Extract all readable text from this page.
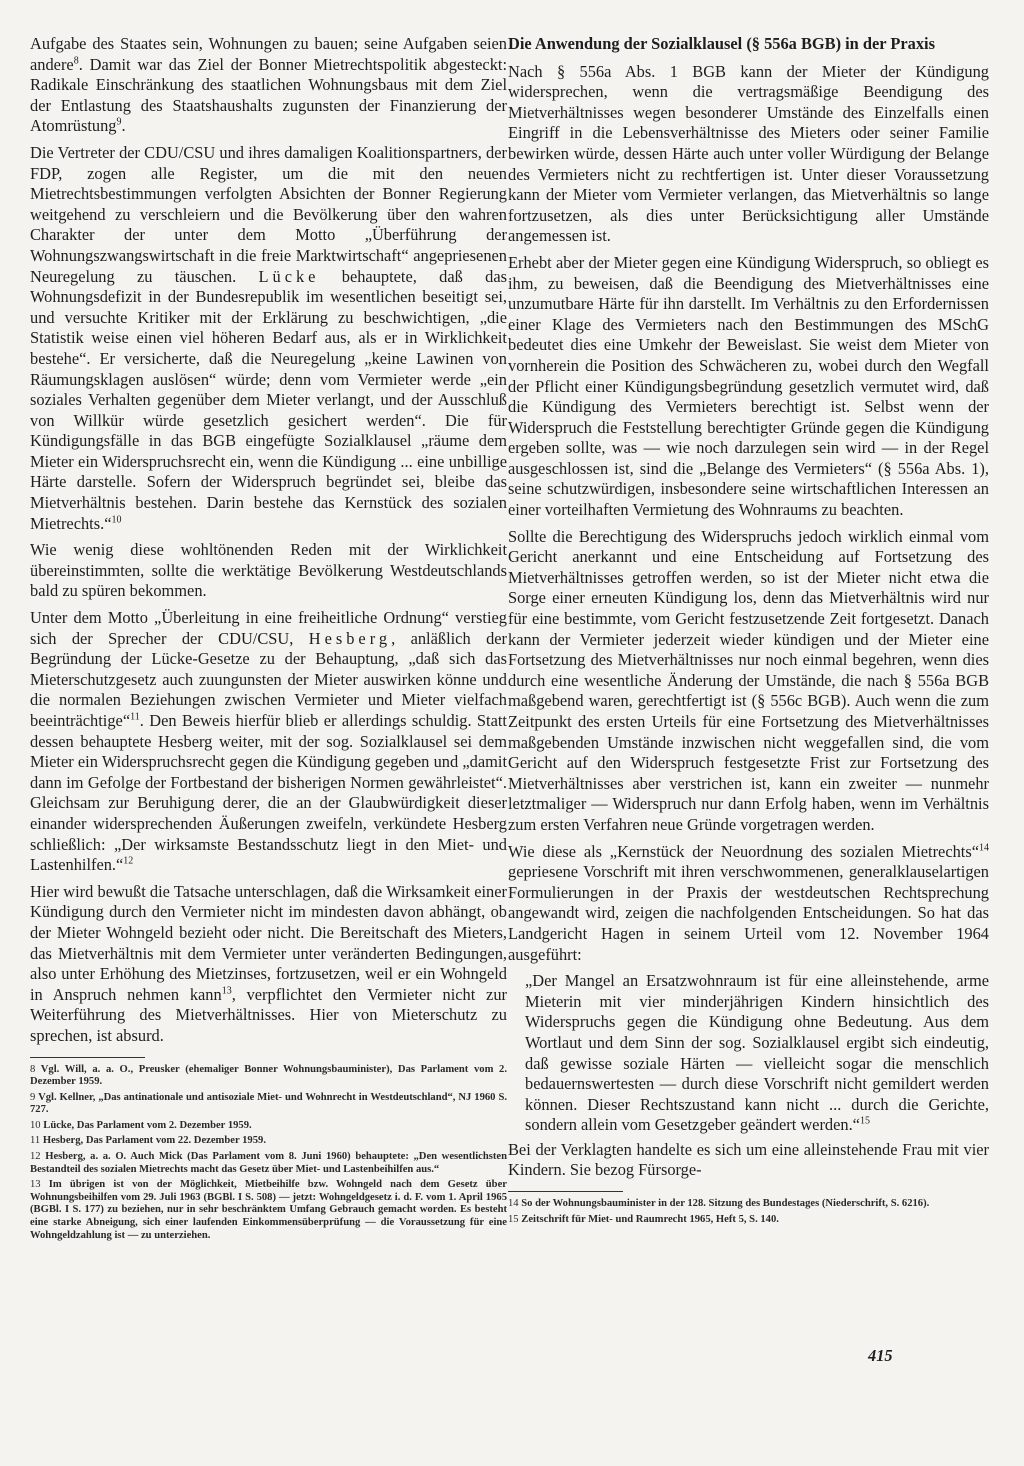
Aufgabe des Staates sein, Wohnungen zu bauen; seine Aufgaben seien andere$^8$. Damit war das Ziel der Bonner Mietrechtspolitik abgesteckt: Radikale Einschränkung des staatlichen Wohnungsbaus mit dem Ziel der Entlastung des Staatshaushalts zugunsten der Finanzierung der Atomrüstung$^9$.

Die Vertreter der CDU/CSU und ihres damaligen Koalitionspartners, der FDP, zogen alle Register, um die mit den neuen Mietrechtsbestimmungen verfolgten Absichten der Bonner Regierung weitgehend zu verschleiern und die Bevölkerung über den wahren Charakter der unter dem Motto „Überführung der Wohnungszwangswirtschaft in die freie Marktwirtschaft“ angepriesenen Neuregelung zu täuschen. Lücke behauptete, daß das Wohnungsdefizit in der Bundesrepublik im wesentlichen beseitigt sei, und versuchte Kritiker mit der Erklärung zu beschwichtigen, „die Statistik weise einen viel höheren Bedarf aus, als er in Wirklichkeit bestehe“. Er versicherte, daß die Neuregelung „keine Lawinen von Räumungsklagen auslösen“ würde; denn vom Vermieter werde „ein soziales Verhalten gegenüber dem Mieter verlangt, und der Ausschluß von Willkür würde gesetzlich gesichert werden“. Die für Kündigungsfälle in das BGB eingefügte Sozialklausel „räume dem Mieter ein Widerspruchsrecht ein, wenn die Kündigung ... eine unbillige Härte darstelle. Sofern der Widerspruch begründet sei, bleibe das Mietverhältnis bestehen. Darin bestehe das Kernstück des sozialen Mietrechts.“$^{10}$

Wie wenig diese wohltönenden Reden mit der Wirklichkeit übereinstimmten, sollte die werktätige Bevölkerung Westdeutschlands bald zu spüren bekommen.

Unter dem Motto „Überleitung in eine freiheitliche Ordnung“ verstieg sich der Sprecher der CDU/CSU, Hesberg, anläßlich der Begründung der Lücke-Gesetze zu der Behauptung, „daß sich das Mieterschutzgesetz auch zuungunsten der Mieter auswirken könne und die normalen Beziehungen zwischen Vermieter und Mieter vielfach beeinträchtige“$^{11}$. Den Beweis hierfür blieb er allerdings schuldig. Statt dessen behauptete Hesberg weiter, mit der sog. Sozialklausel sei dem Mieter ein Widerspruchsrecht gegen die Kündigung gegeben und „damit dann im Gefolge der Fortbestand der bisherigen Normen gewährleistet“. Gleichsam zur Beruhigung derer, die an der Glaubwürdigkeit dieser einander widersprechenden Äußerungen zweifeln, verkündete Hesberg schließlich: „Der wirksamste Bestandsschutz liegt in den Miet- und Lastenhilfen.“$^{12}$

Hier wird bewußt die Tatsache unterschlagen, daß die Wirksamkeit einer Kündigung durch den Vermieter nicht im mindesten davon abhängt, ob der Mieter Wohngeld bezieht oder nicht. Die Bereitschaft des Mieters, das Mietverhältnis mit dem Vermieter unter veränderten Bedingungen, also unter Erhöhung des Mietzinses, fortzusetzen, weil er ein Wohngeld in Anspruch nehmen kann$^{13}$, verpflichtet den Vermieter nicht zur Weiterführung des Mietverhältnisses. Hier von Mieterschutz zu sprechen, ist absurd.

8 Vgl. Will, a. a. O., Preusker (ehemaliger Bonner Wohnungsbauminister), Das Parlament vom 2. Dezember 1959.

9 Vgl. Kellner, „Das antinationale und antisoziale Miet- und Wohnrecht in Westdeutschland“, NJ 1960 S. 727.

10 Lücke, Das Parlament vom 2. Dezember 1959.

11 Hesberg, Das Parlament vom 22. Dezember 1959.

12 Hesberg, a. a. O. Auch Mick (Das Parlament vom 8. Juni 1960) behauptete: „Den wesentlichsten Bestandteil des sozialen Mietrechts macht das Gesetz über Miet- und Lastenbeihilfen aus.“

13 Im übrigen ist von der Möglichkeit, Mietbeihilfe bzw. Wohngeld nach dem Gesetz über Wohnungsbeihilfen vom 29. Juli 1963 (BGBl. I S. 508) — jetzt: Wohngeldgesetz i. d. F. vom 1. April 1965 (BGBl. I S. 177) zu beziehen, nur in sehr beschränktem Umfang Gebrauch gemacht worden. Es besteht eine starke Abneigung, sich einer laufenden Einkommensüberprüfung — die Voraussetzung für eine Wohngeldzahlung ist — zu unterziehen.

Die Anwendung der Sozialklausel (§ 556a BGB) in der Praxis

Nach § 556a Abs. 1 BGB kann der Mieter der Kündigung widersprechen, wenn die vertragsmäßige Beendigung des Mietverhältnisses wegen besonderer Umstände des Einzelfalls einen Eingriff in die Lebensverhältnisse des Mieters oder seiner Familie bewirken würde, dessen Härte auch unter voller Würdigung der Belange des Vermieters nicht zu rechtfertigen ist. Unter dieser Voraussetzung kann der Mieter vom Vermieter verlangen, das Mietverhältnis so lange fortzusetzen, als dies unter Berücksichtigung aller Umstände angemessen ist.

Erhebt aber der Mieter gegen eine Kündigung Widerspruch, so obliegt es ihm, zu beweisen, daß die Beendigung des Mietverhältnisses eine unzumutbare Härte für ihn darstellt. Im Verhältnis zu den Erfordernissen einer Klage des Vermieters nach den Bestimmungen des MSchG bedeutet dies eine Umkehr der Beweislast. Sie weist dem Mieter von vornherein die Position des Schwächeren zu, wobei durch den Wegfall der Pflicht einer Kündigungsbegründung gesetzlich vermutet wird, daß die Kündigung des Vermieters berechtigt ist. Selbst wenn der Widerspruch die Feststellung berechtigter Gründe gegen die Kündigung ergeben sollte, was — wie noch darzulegen sein wird — in der Regel ausgeschlossen ist, sind die „Belange des Vermieters“ (§ 556a Abs. 1), seine schutzwürdigen, insbesondere seine wirtschaftlichen Interessen an einer vorteilhaften Vermietung des Wohnraums zu beachten.

Sollte die Berechtigung des Widerspruchs jedoch wirklich einmal vom Gericht anerkannt und eine Entscheidung auf Fortsetzung des Mietverhältnisses getroffen werden, so ist der Mieter nicht etwa die Sorge einer erneuten Kündigung los, denn das Mietverhältnis wird nur für eine bestimmte, vom Gericht festzusetzende Zeit fortgesetzt. Danach kann der Vermieter jederzeit wieder kündigen und der Mieter eine Fortsetzung des Mietverhältnisses nur noch einmal begehren, wenn dies durch eine wesentliche Änderung der Umstände, die nach § 556a BGB maßgebend waren, gerechtfertigt ist (§ 556c BGB). Auch wenn die zum Zeitpunkt des ersten Urteils für eine Fortsetzung des Mietverhältnisses maßgebenden Umstände inzwischen nicht weggefallen sind, die vom Gericht auf den Widerspruch festgesetzte Frist zur Fortsetzung des Mietverhältnisses aber verstrichen ist, kann ein zweiter — nunmehr letztmaliger — Widerspruch nur dann Erfolg haben, wenn im Verhältnis zum ersten Verfahren neue Gründe vorgetragen werden.

Wie diese als „Kernstück der Neuordnung des sozialen Mietrechts“$^{14}$ gepriesene Vorschrift mit ihren verschwommenen, generalklauselartigen Formulierungen in der Praxis der westdeutschen Rechtsprechung angewandt wird, zeigen die nachfolgenden Entscheidungen. So hat das Landgericht Hagen in seinem Urteil vom 12. November 1964 ausgeführt:

„Der Mangel an Ersatzwohnraum ist für eine alleinstehende, arme Mieterin mit vier minderjährigen Kindern hinsichtlich des Widerspruchs gegen die Kündigung ohne Bedeutung. Aus dem Wortlaut und dem Sinn der sog. Sozialklausel ergibt sich eindeutig, daß gewisse soziale Härten — vielleicht sogar die menschlich bedauernswertesten — durch diese Vorschrift nicht gemildert werden können. Dieser Rechtszustand kann nicht ... durch die Gerichte, sondern allein vom Gesetzgeber geändert werden.“$^{15}$

Bei der Verklagten handelte es sich um eine alleinstehende Frau mit vier Kindern. Sie bezog Fürsorge-

14 So der Wohnungsbauminister in der 128. Sitzung des Bundestages (Niederschrift, S. 6216).

15 Zeitschrift für Miet- und Raumrecht 1965, Heft 5, S. 140.

415
